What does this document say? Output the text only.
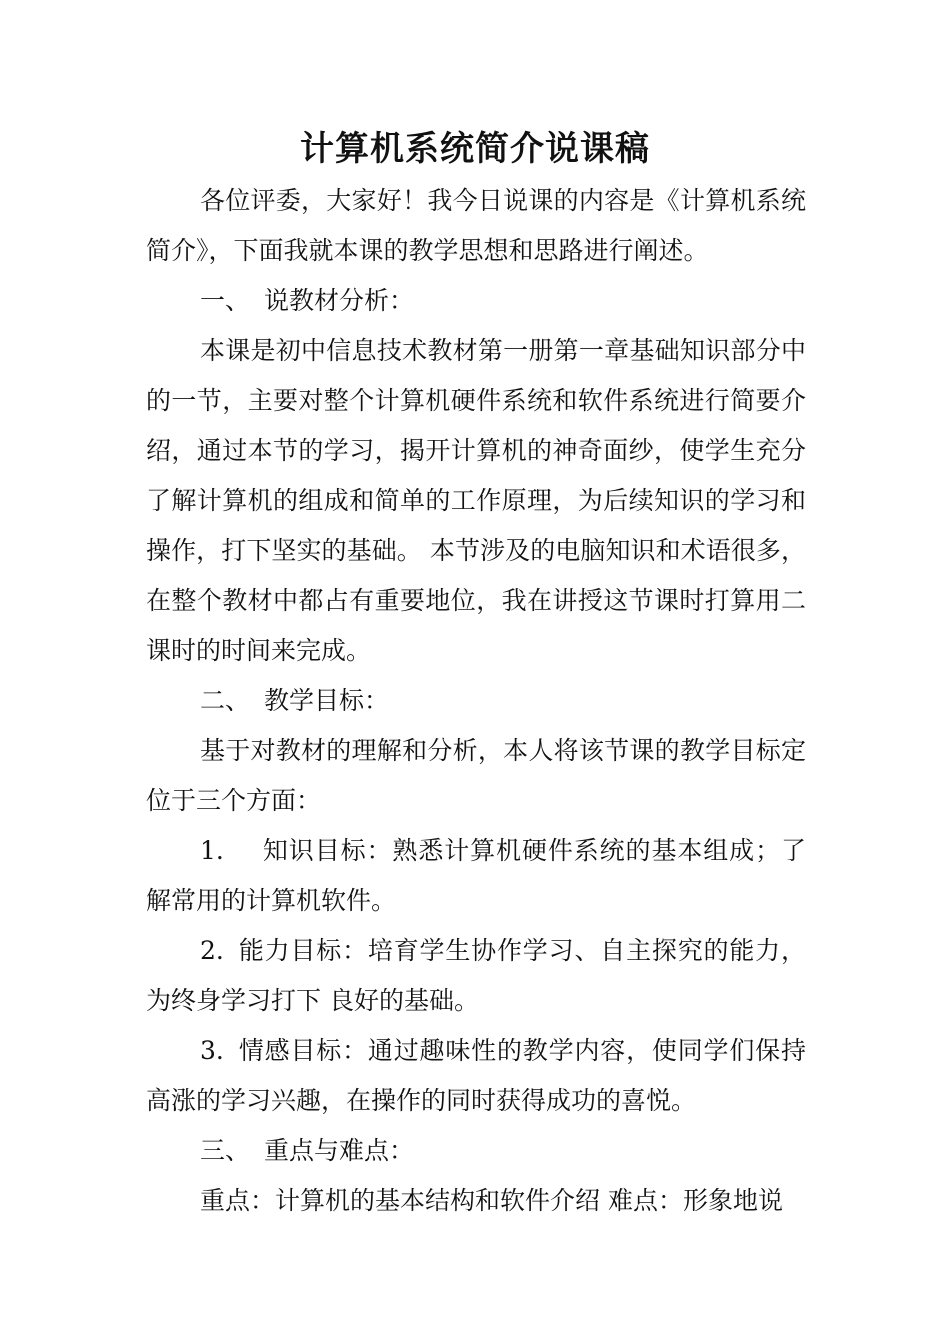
计算机系统简介说课稿

各位评委，大家好！我今日说课的内容是《计算机系统简介》，下面我就本课的教学思想和思路进行阐述。

一、 说教材分析：

本课是初中信息技术教材第一册第一章基础知识部分中的一节，主要对整个计算机硬件系统和软件系统进行简要介绍，通过本节的学习，揭开计算机的神奇面纱，使学生充分了解计算机的组成和简单的工作原理，为后续知识的学习和操作，打下坚实的基础。 本节涉及的电脑知识和术语很多，在整个教材中都占有重要地位，我在讲授这节课时打算用二课时的时间来完成。

二、 教学目标：

基于对教材的理解和分析，本人将该节课的教学目标定位于三个方面：

1. 知识目标：熟悉计算机硬件系统的基本组成；了解常用的计算机软件。

2. 能力目标：培育学生协作学习、自主探究的能力，为终身学习打下 良好的基础。

3. 情感目标：通过趣味性的教学内容，使同学们保持高涨的学习兴趣，在操作的同时获得成功的喜悦。

三、 重点与难点：

重点：计算机的基本结构和软件介绍 难点：形象地说
